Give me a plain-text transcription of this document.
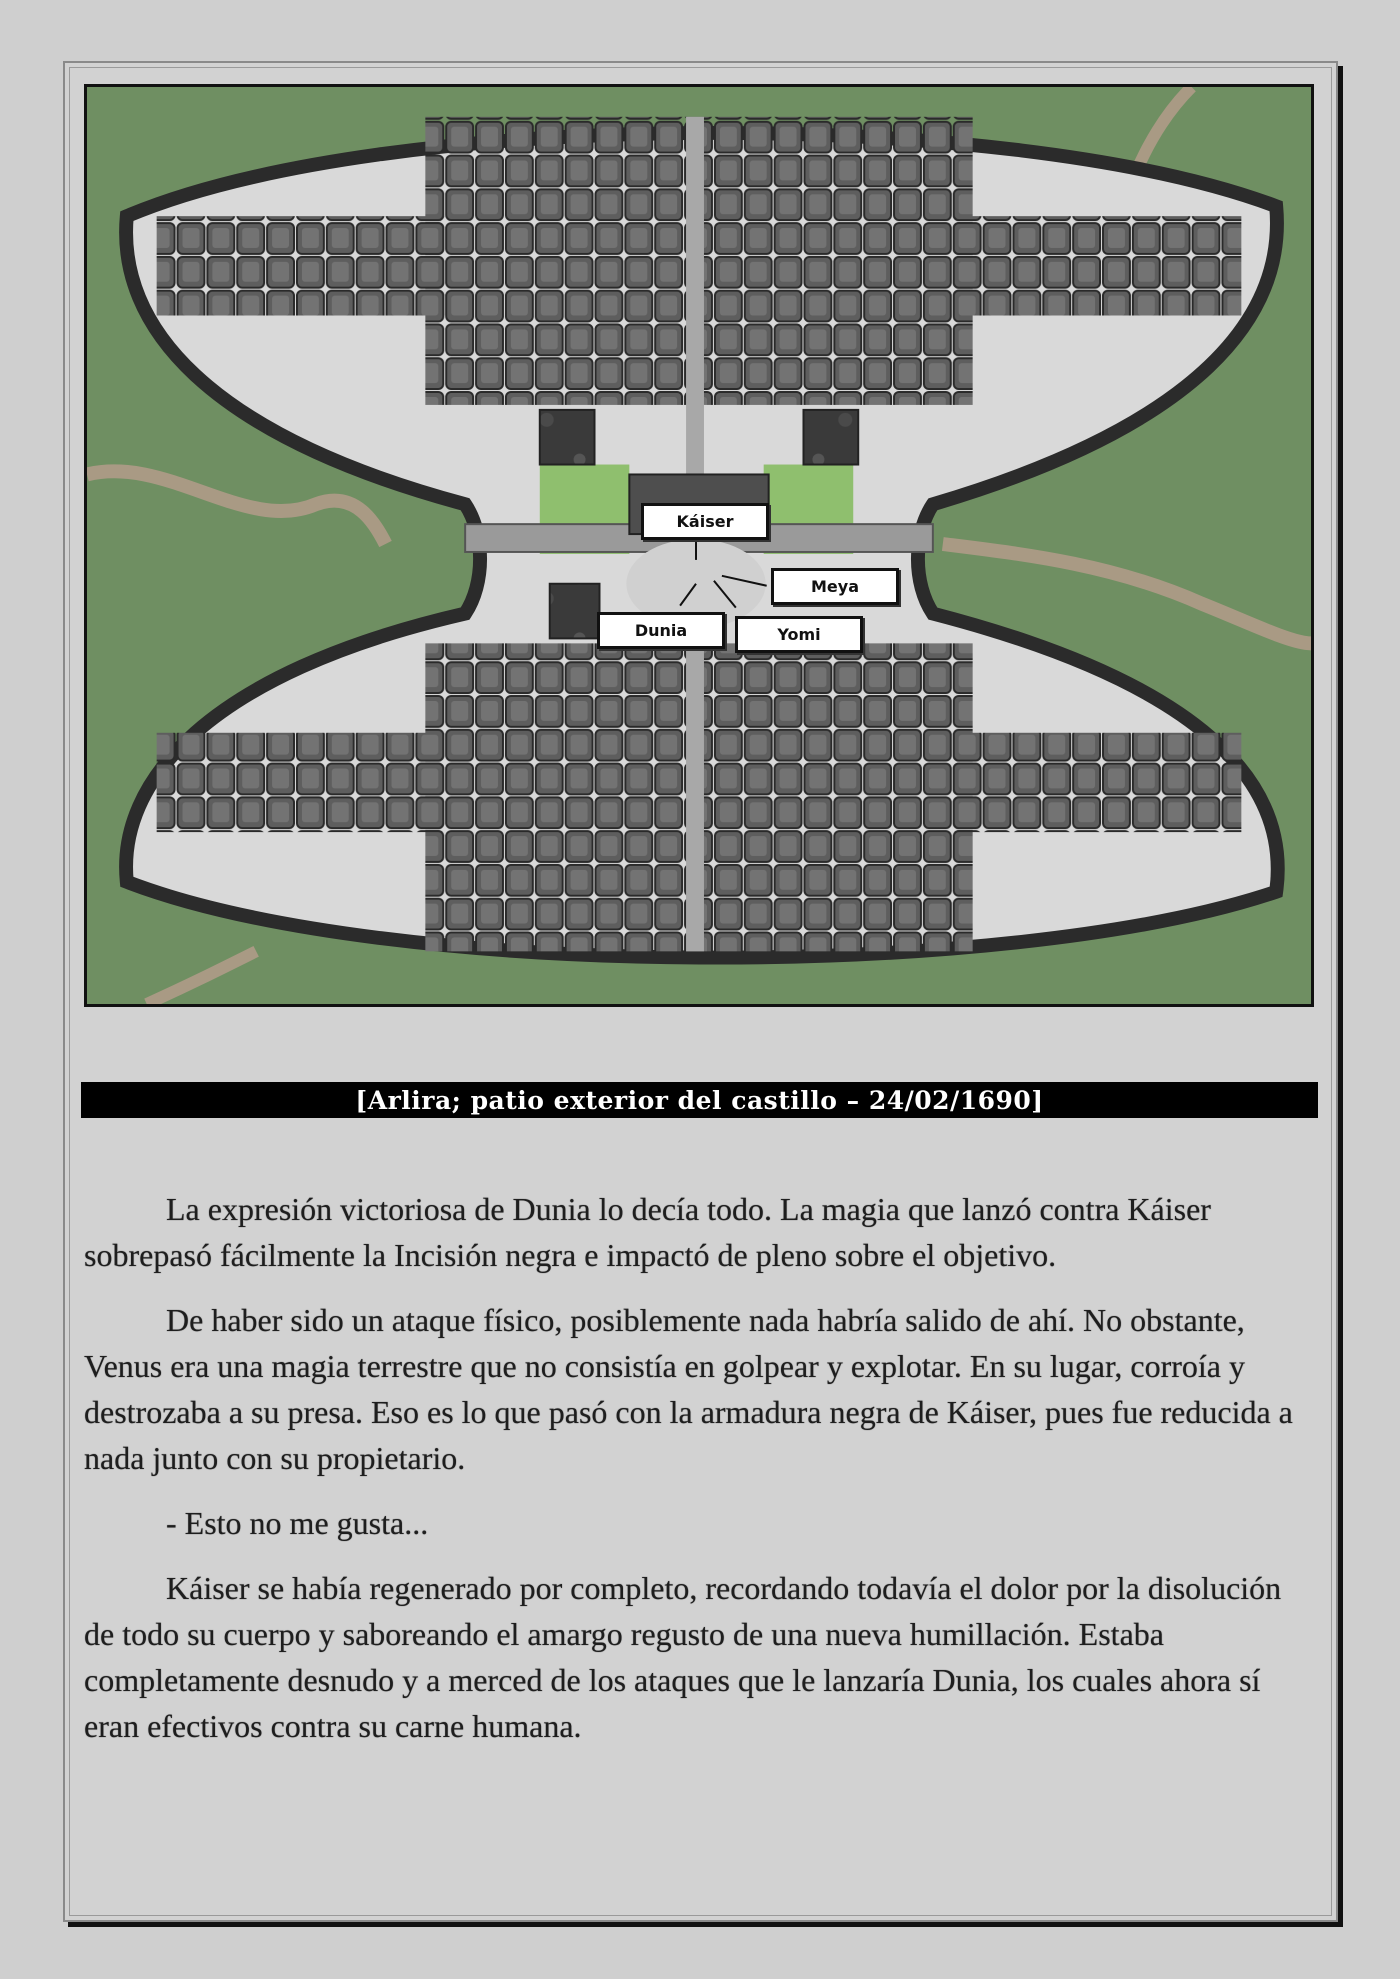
Káiser
Meya
Dunia	Yomi
[Arlira; patio exterior del castillo – 24/02/1690]

La expresión victoriosa de Dunia lo decía todo. La magia que lanzó contra Káiser sobrepasó fácilmente la Incisión negra e impactó de pleno sobre el objetivo.

De haber sido un ataque físico, posiblemente nada habría salido de ahí. No obstante, Venus era una magia terrestre que no consistía en golpear y explotar. En su lugar, corroía y destrozaba a su presa. Eso es lo que pasó con la armadura negra de Káiser, pues fue reducida a nada junto con su propietario.

- Esto no me gusta...

Káiser se había regenerado por completo, recordando todavía el dolor por la disolución de todo su cuerpo y saboreando el amargo regusto de una nueva humillación. Estaba completamente desnudo y a merced de los ataques que le lanzaría Dunia, los cuales ahora sí eran efectivos contra su carne humana.
